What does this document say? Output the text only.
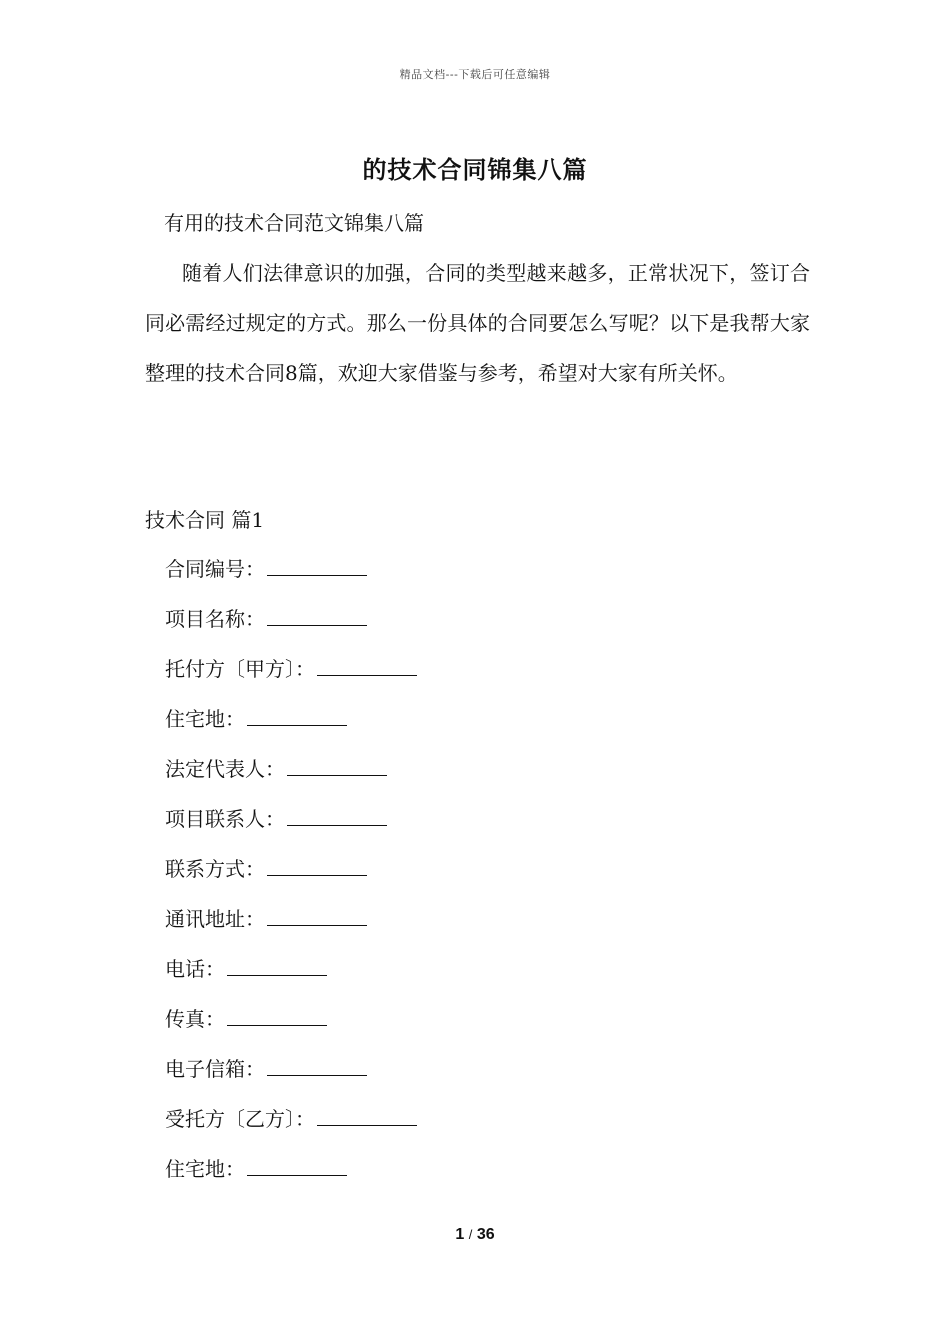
精品文档---下载后可任意编辑
的技术合同锦集八篇
有用的技术合同范文锦集八篇

随着人们法律意识的加强，合同的类型越来越多，正常状况下，签订合同必需经过规定的方式。那么一份具体的合同要怎么写呢？以下是我帮大家整理的技术合同8篇，欢迎大家借鉴与参考，希望对大家有所关怀。

技术合同 篇1
合同编号：
项目名称：
托付方〔甲方〕：
住宅地：
法定代表人：
项目联系人：
联系方式：
通讯地址：
电话：
传真：
电子信箱：
受托方〔乙方〕：
住宅地：
1 / 36
